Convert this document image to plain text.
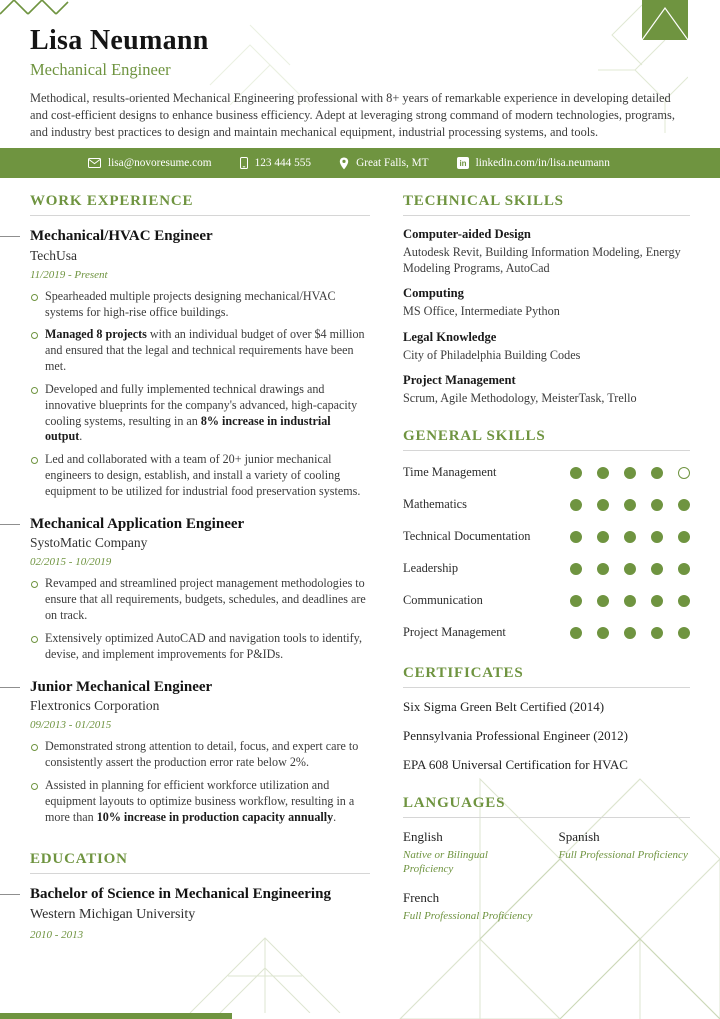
Lisa Neumann
Mechanical Engineer

Methodical, results-oriented Mechanical Engineering professional with 8+ years of remarkable experience in developing detailed and cost-efficient designs to enhance business efficiency. Adept at leveraging strong command of modern technologies, programs, and industry best practices to design and maintain mechanical equipment, industrial processing systems, and tools.

lisa@novoresume.com	123 444 555	Great Falls, MT	in linkedin.com/in/lisa.neumann
WORK EXPERIENCE
Mechanical/HVAC Engineer
TechUsa
11/2019 - Present
Spearheaded multiple projects designing mechanical/HVAC systems for high-rise office buildings.
Managed 8 projects with an individual budget of over $4 million and ensured that the legal and technical requirements have been met.
Developed and fully implemented technical drawings and innovative blueprints for the company's advanced, high-capacity cooling systems, resulting in an 8% increase in industrial output.
Led and collaborated with a team of 20+ junior mechanical engineers to design, establish, and install a variety of cooling equipment to be utilized for industrial food preservation systems.
Mechanical Application Engineer
SystoMatic Company
02/2015 - 10/2019
Revamped and streamlined project management methodologies to ensure that all requirements, budgets, schedules, and deadlines are on track.
Extensively optimized AutoCAD and navigation tools to identify, devise, and implement improvements for P&IDs.
Junior Mechanical Engineer
Flextronics Corporation
09/2013 - 01/2015
Demonstrated strong attention to detail, focus, and expert care to consistently assert the production error rate below 2%.
Assisted in planning for efficient workforce utilization and equipment layouts to optimize business workflow, resulting in a more than 10% increase in production capacity annually.
EDUCATION
Bachelor of Science in Mechanical Engineering
Western Michigan University
2010 - 2013
TECHNICAL SKILLS
Computer-aided Design
Autodesk Revit, Building Information Modeling, Energy Modeling Programs, AutoCad
Computing
MS Office, Intermediate Python
Legal Knowledge
City of Philadelphia Building Codes
Project Management
Scrum, Agile Methodology, MeisterTask, Trello
GENERAL SKILLS
Time Management
Mathematics
Technical Documentation
Leadership
Communication
Project Management
CERTIFICATES
Six Sigma Green Belt Certified (2014)
Pennsylvania Professional Engineer (2012)
EPA 608 Universal Certification for HVAC
LANGUAGES
English
Native or Bilingual Proficiency
Spanish
Full Professional Proficiency
French
Full Professional Proficiency
